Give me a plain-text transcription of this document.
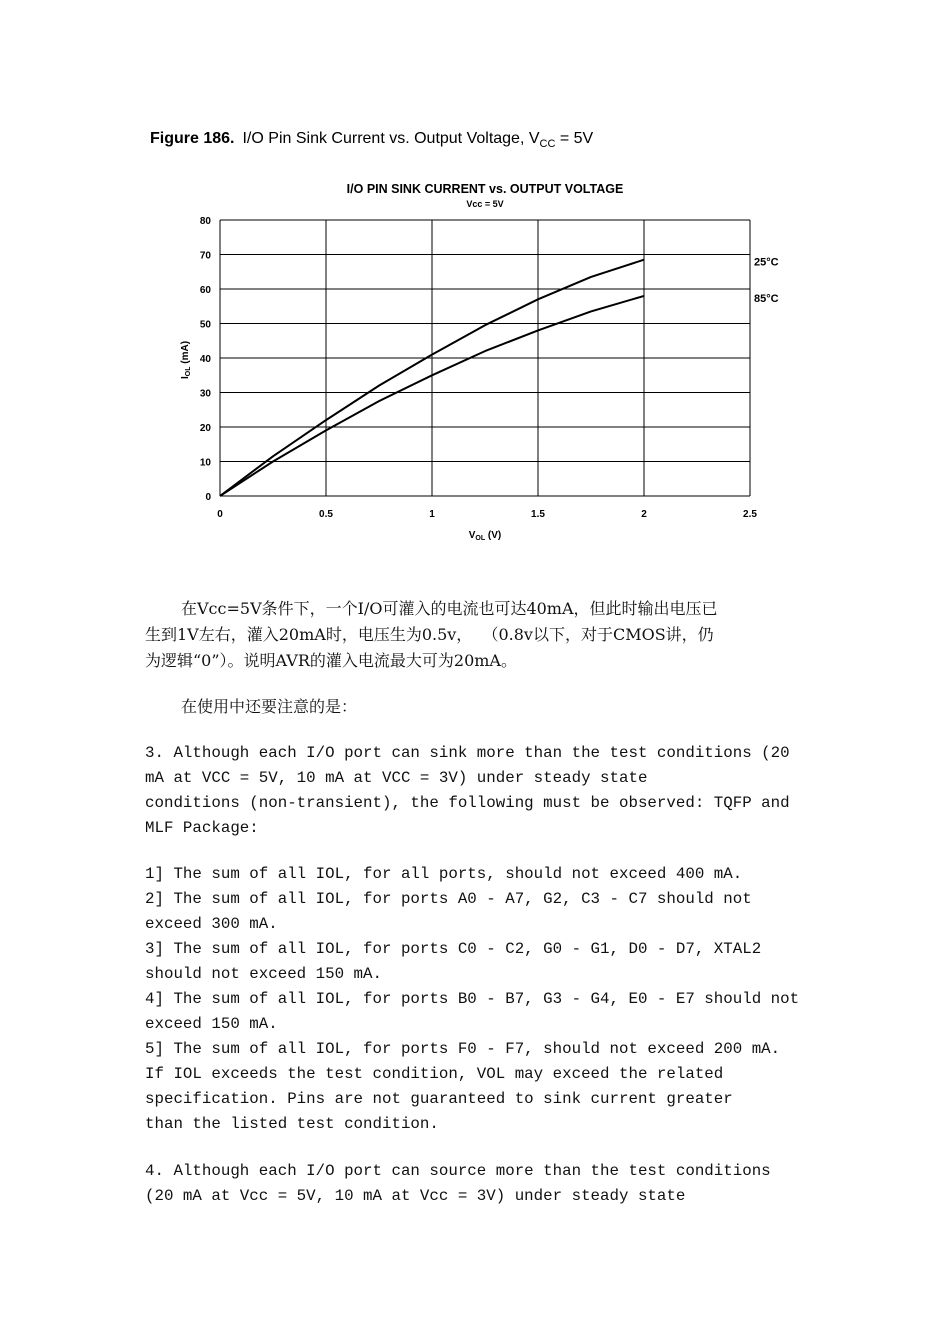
Figure 186. I/O Pin Sink Current vs. Output Voltage, $V_{CC} = 5V$
I/O PIN SINK CURRENT vs. OUTPUT VOLTAGE
Vcc = 5V
0
10
20
30
40
50
60
70
80
0	0.5	1	1.5	2	2.5
25°C
85°C
$V_{OL}$ (V)
$I_{OL}$ (mA)

在Vcc=5V条件下，一个I/O可灌入的电流也可达40mA，但此时输出电压已
生到1V左右，灌入20mA时，电压生为0.5v，  （0.8v以下，对于CMOS讲，仍
为逻辑“0”）。说明AVR的灌入电流最大可为20mA。

在使用中还要注意的是：

3. Although each I/O port can sink more than the test conditions (20
mA at VCC = 5V, 10 mA at VCC = 3V) under steady state
conditions (non-transient), the following must be observed: TQFP and
MLF Package:
1] The sum of all IOL, for all ports, should not exceed 400 mA.
2] The sum of all IOL, for ports A0 - A7, G2, C3 - C7 should not
exceed 300 mA.
3] The sum of all IOL, for ports C0 - C2, G0 - G1, D0 - D7, XTAL2
should not exceed 150 mA.
4] The sum of all IOL, for ports B0 - B7, G3 - G4, E0 - E7 should not
exceed 150 mA.
5] The sum of all IOL, for ports F0 - F7, should not exceed 200 mA.
If IOL exceeds the test condition, VOL may exceed the related
specification. Pins are not guaranteed to sink current greater
than the listed test condition.
4. Although each I/O port can source more than the test conditions
(20 mA at Vcc = 5V, 10 mA at Vcc = 3V) under steady state
